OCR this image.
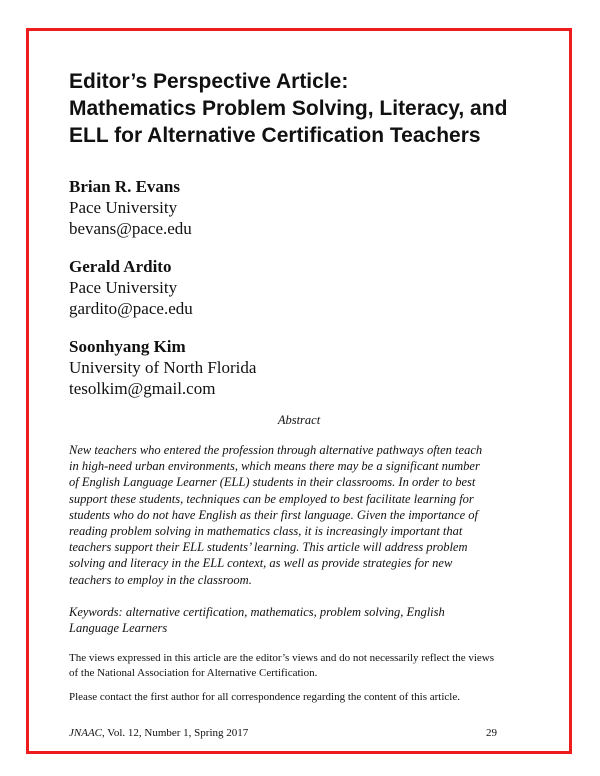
Editor’s Perspective Article:
Mathematics Problem Solving, Literacy, and
ELL for Alternative Certification Teachers
Brian R. Evans
Pace University
bevans@pace.edu
Gerald Ardito
Pace University
gardito@pace.edu
Soonhyang Kim
University of North Florida
tesolkim@gmail.com
Abstract
New teachers who entered the profession through alternative pathways often teach
in high-need urban environments, which means there may be a significant number
of English Language Learner (ELL) students in their classrooms. In order to best
support these students, techniques can be employed to best facilitate learning for
students who do not have English as their first language. Given the importance of
reading problem solving in mathematics class, it is increasingly important that
teachers support their ELL students’ learning. This article will address problem
solving and literacy in the ELL context, as well as provide strategies for new
teachers to employ in the classroom.
Keywords: alternative certification, mathematics, problem solving, English
Language Learners
The views expressed in this article are the editor’s views and do not necessarily reflect the views
of the National Association for Alternative Certification.
Please contact the first author for all correspondence regarding the content of this article.
JNAAC, Vol. 12, Number 1, Spring 2017	29
